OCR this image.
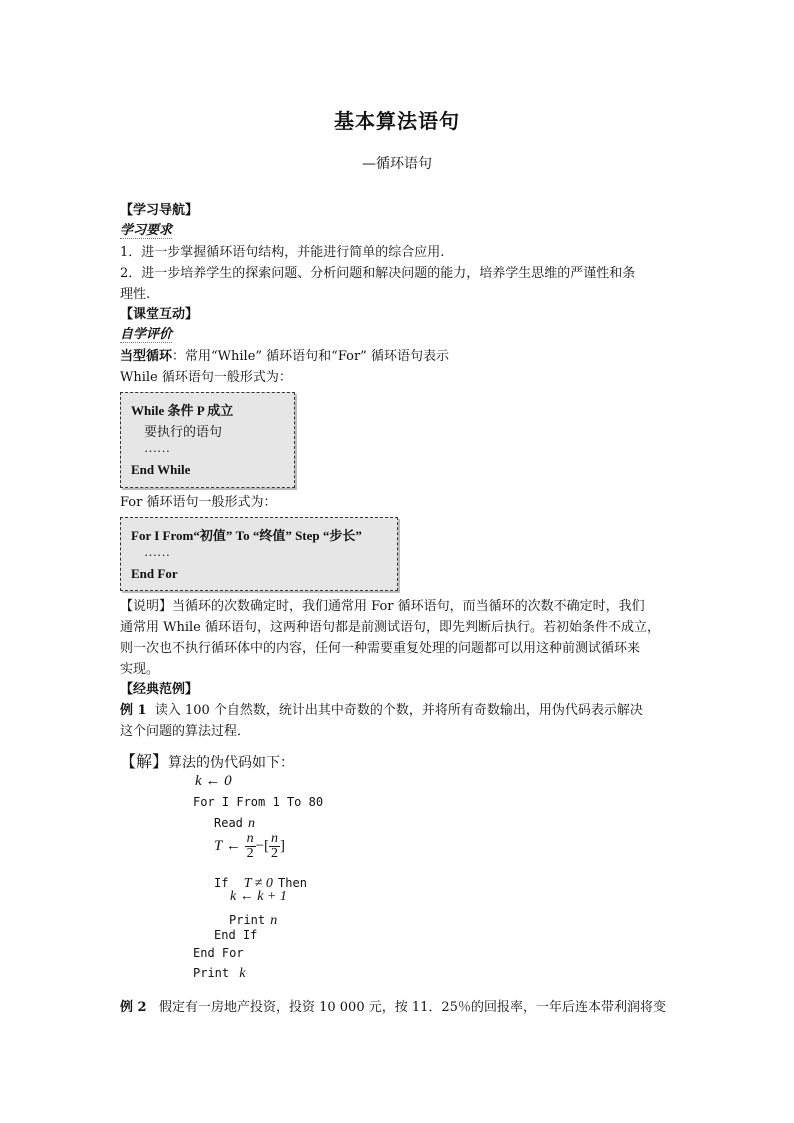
基本算法语句
—循环语句
【学习导航】
学习要求
1．进一步掌握循环语句结构，并能进行简单的综合应用.
2．进一步培养学生的探索问题、分析问题和解决问题的能力，培养学生思维的严谨性和条
理性.
【课堂互动】
自学评价
当型循环：常用“While” 循环语句和“For” 循环语句表示
While 循环语句一般形式为：
While 条件 P 成立
要执行的语句
……
End While
For 循环语句一般形式为：
For I From“初值” To “终值” Step “步长”
……
End For
【说明】当循环的次数确定时，我们通常用 For 循环语句，而当循环的次数不确定时，我们
通常用 While 循环语句，这两种语句都是前测试语句，即先判断后执行。若初始条件不成立，
则一次也不执行循环体中的内容，任何一种需要重复处理的问题都可以用这种前测试循环来
实现。
【经典范例】
例 1 读入 100 个自然数，统计出其中奇数的个数，并将所有奇数输出，用伪代码表示解决
这个问题的算法过程．
【解】算法的伪代码如下：
k ← 0
For I From 1 To 80
Read n
T ← $\frac{n}{2}$ −[ $\frac{n}{2}$ ]
If T ≠ 0 Then
k ← k + 1
Print n
End If
End For
Print k
例 2 假定有一房地产投资，投资 10 000 元，按 11．25％的回报率，一年后连本带利润将变
